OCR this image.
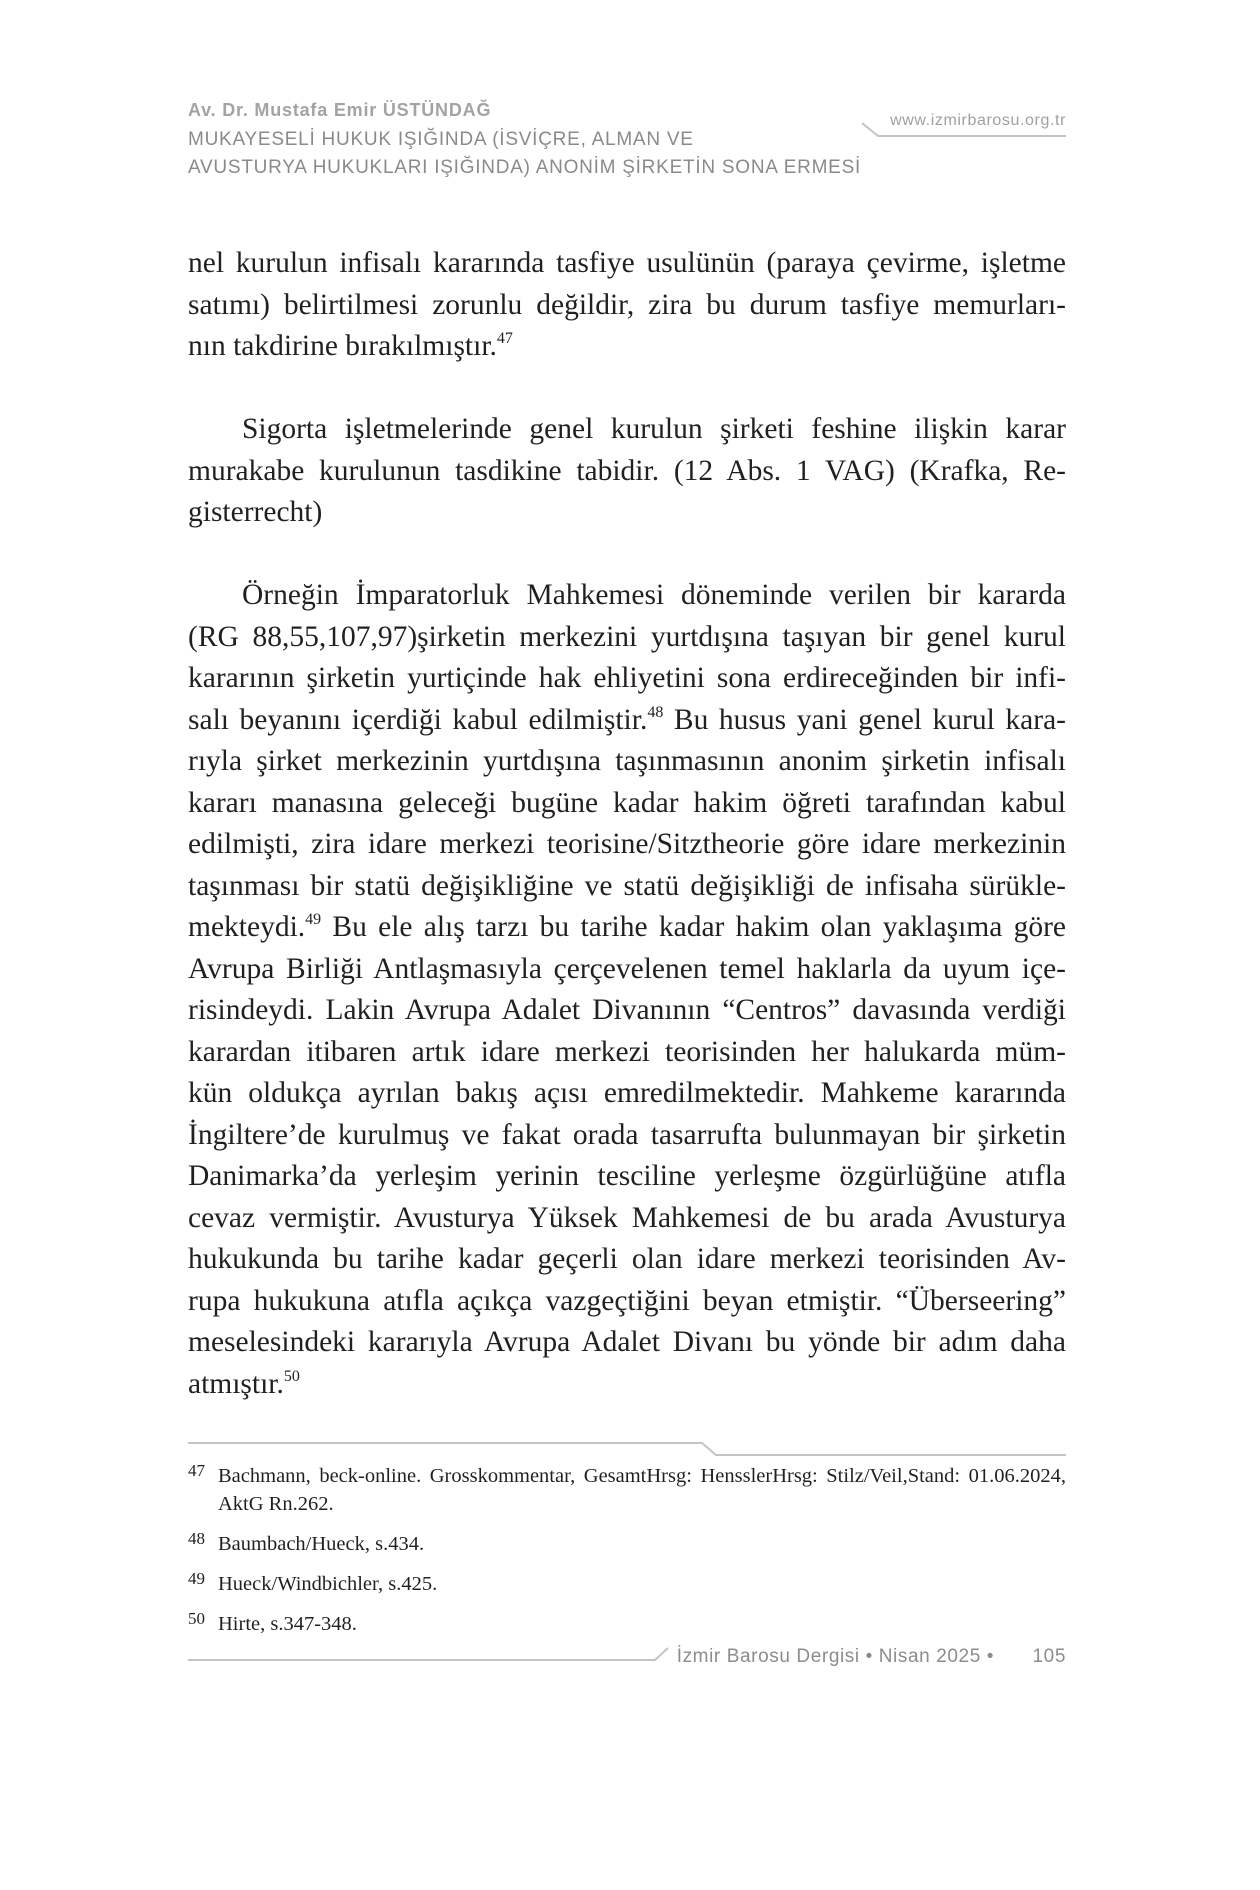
Av. Dr. Mustafa Emir ÜSTÜNDAĞ
MUKAYESELİ HUKUK IŞIĞINDA (İSVİÇRE, ALMAN VE
AVUSTURYA HUKUKLARI IŞIĞINDA) ANONİM ŞİRKETİN SONA ERMESİ
www.izmirbarosu.org.tr
nel kurulun infisalı kararında tasfiye usulünün (paraya çevirme, işletme
satımı) belirtilmesi zorunlu değildir, zira bu durum tasfiye memurları-
nın takdirine bırakılmıştır.$^{47}$
Sigorta işletmelerinde genel kurulun şirketi feshine ilişkin karar
murakabe kurulunun tasdikine tabidir. (12 Abs. 1 VAG) (Krafka, Re-
gisterrecht)
Örneğin İmparatorluk Mahkemesi döneminde verilen bir kararda
(RG 88,55,107,97)şirketin merkezini yurtdışına taşıyan bir genel kurul
kararının şirketin yurtiçinde hak ehliyetini sona erdireceğinden bir infi-
salı beyanını içerdiği kabul edilmiştir.$^{48}$ Bu husus yani genel kurul kara-
rıyla şirket merkezinin yurtdışına taşınmasının anonim şirketin infisalı
kararı manasına geleceği bugüne kadar hakim öğreti tarafından kabul
edilmişti, zira idare merkezi teorisine/Sitztheorie göre idare merkezinin
taşınması bir statü değişikliğine ve statü değişikliği de infisaha sürükle-
mekteydi.$^{49}$ Bu ele alış tarzı bu tarihe kadar hakim olan yaklaşıma göre
Avrupa Birliği Antlaşmasıyla çerçevelenen temel haklarla da uyum içe-
risindeydi. Lakin Avrupa Adalet Divanının “Centros” davasında verdiği
karardan itibaren artık idare merkezi teorisinden her halukarda müm-
kün oldukça ayrılan bakış açısı emredilmektedir. Mahkeme kararında
İngiltere’de kurulmuş ve fakat orada tasarrufta bulunmayan bir şirketin
Danimarka’da yerleşim yerinin tesciline yerleşme özgürlüğüne atıfla
cevaz vermiştir. Avusturya Yüksek Mahkemesi de bu arada Avusturya
hukukunda bu tarihe kadar geçerli olan idare merkezi teorisinden Av-
rupa hukukuna atıfla açıkça vazgeçtiğini beyan etmiştir. “Überseering”
meselesindeki kararıyla Avrupa Adalet Divanı bu yönde bir adım daha
atmıştır.$^{50}$
47 Bachmann, beck-online. Grosskommentar, GesamtHrsg: HensslerHrsg: Stilz/Veil,Stand: 01.06.2024,
AktG Rn.262.
48 Baumbach/Hueck, s.434.
49 Hueck/Windbichler, s.425.
50 Hirte, s.347-348.
İzmir Barosu Dergisi • Nisan 2025 • 105
